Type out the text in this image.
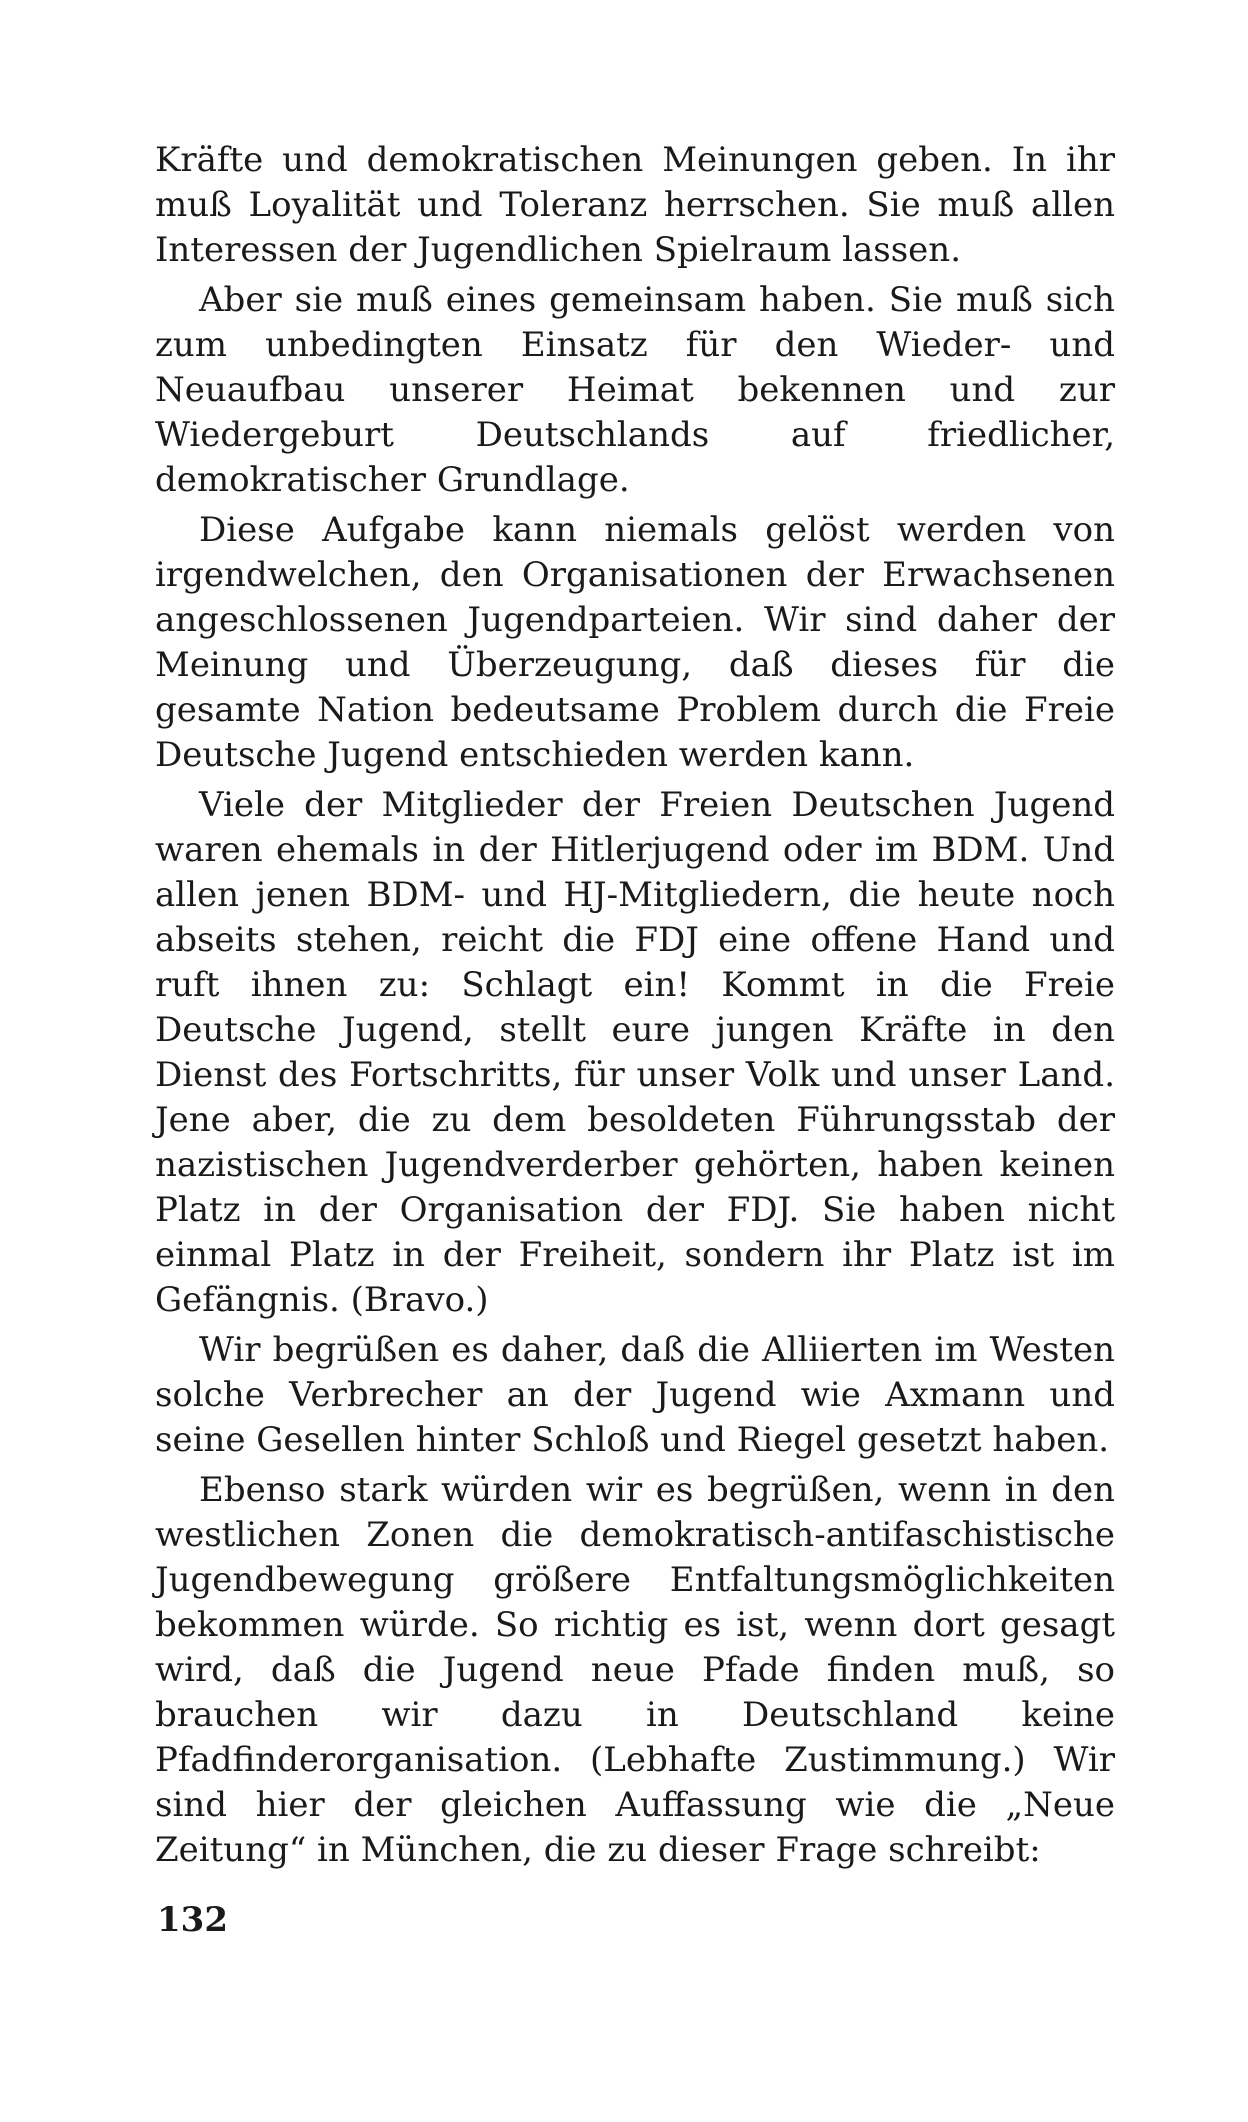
Kräfte und demokratischen Meinungen geben. In ihr muß Loyalität und Toleranz herrschen. Sie muß allen Interessen der Jugendlichen Spielraum lassen.

Aber sie muß eines gemeinsam haben. Sie muß sich zum unbedingten Einsatz für den Wieder- und Neuaufbau unserer Heimat bekennen und zur Wiedergeburt Deutschlands auf friedlicher, demokratischer Grundlage.

Diese Aufgabe kann niemals gelöst werden von irgendwelchen, den Organisationen der Erwachsenen angeschlossenen Jugendparteien. Wir sind daher der Meinung und Überzeugung, daß dieses für die gesamte Nation bedeutsame Problem durch die Freie Deutsche Jugend entschieden werden kann.

Viele der Mitglieder der Freien Deutschen Jugend waren ehemals in der Hitlerjugend oder im BDM. Und allen jenen BDM- und HJ-Mitgliedern, die heute noch abseits stehen, reicht die FDJ eine offene Hand und ruft ihnen zu: Schlagt ein! Kommt in die Freie Deutsche Jugend, stellt eure jungen Kräfte in den Dienst des Fortschritts, für unser Volk und unser Land. Jene aber, die zu dem besoldeten Führungsstab der nazistischen Jugendverderber gehörten, haben keinen Platz in der Organisation der FDJ. Sie haben nicht einmal Platz in der Freiheit, sondern ihr Platz ist im Gefängnis. (Bravo.)

Wir begrüßen es daher, daß die Alliierten im Westen solche Verbrecher an der Jugend wie Axmann und seine Gesellen hinter Schloß und Riegel gesetzt haben.

Ebenso stark würden wir es begrüßen, wenn in den westlichen Zonen die demokratisch-antifaschistische Jugendbewegung größere Entfaltungsmöglichkeiten bekommen würde. So richtig es ist, wenn dort gesagt wird, daß die Jugend neue Pfade finden muß, so brauchen wir dazu in Deutschland keine Pfadfinderorganisation. (Lebhafte Zustimmung.) Wir sind hier der gleichen Auffassung wie die „Neue Zeitung“ in München, die zu dieser Frage schreibt:

132
